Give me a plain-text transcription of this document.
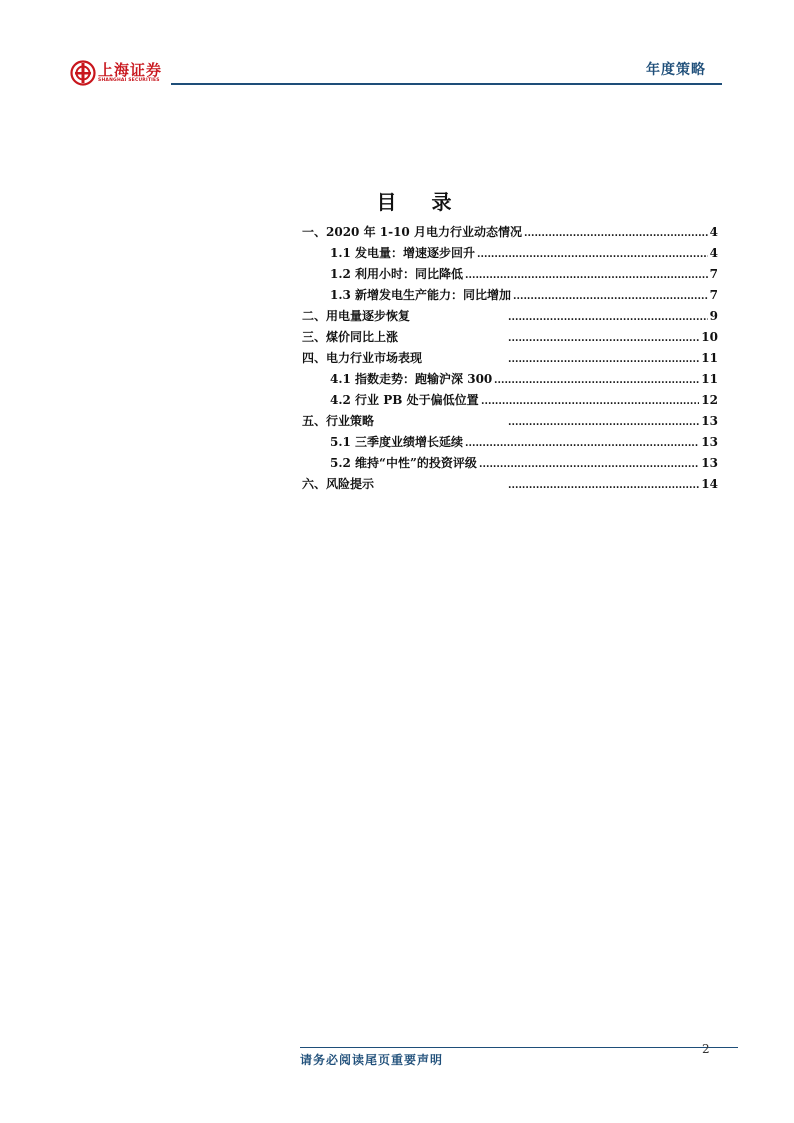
上海证券
SHANGHAI SECURITIES
年度策略
目 录
.....
一、2020 年 1-10 月电力行业动态情况	4
.....
1.1 发电量：增速逐步回升	4
.....
1.2 利用小时：同比降低	7
.....
1.3 新增发电生产能力：同比增加	7
.....
二、用电量逐步恢复	9
.....
三、煤价同比上涨	10
.....
四、电力行业市场表现	11
.....
4.1 指数走势：跑输沪深 300	11
.....
4.2 行业 PB 处于偏低位置	12
.....
五、行业策略	13
.....
5.1 三季度业绩增长延续	13
.....
5.2 维持“中性”的投资评级	13
.....
六、风险提示	14
2
请务必阅读尾页重要声明
